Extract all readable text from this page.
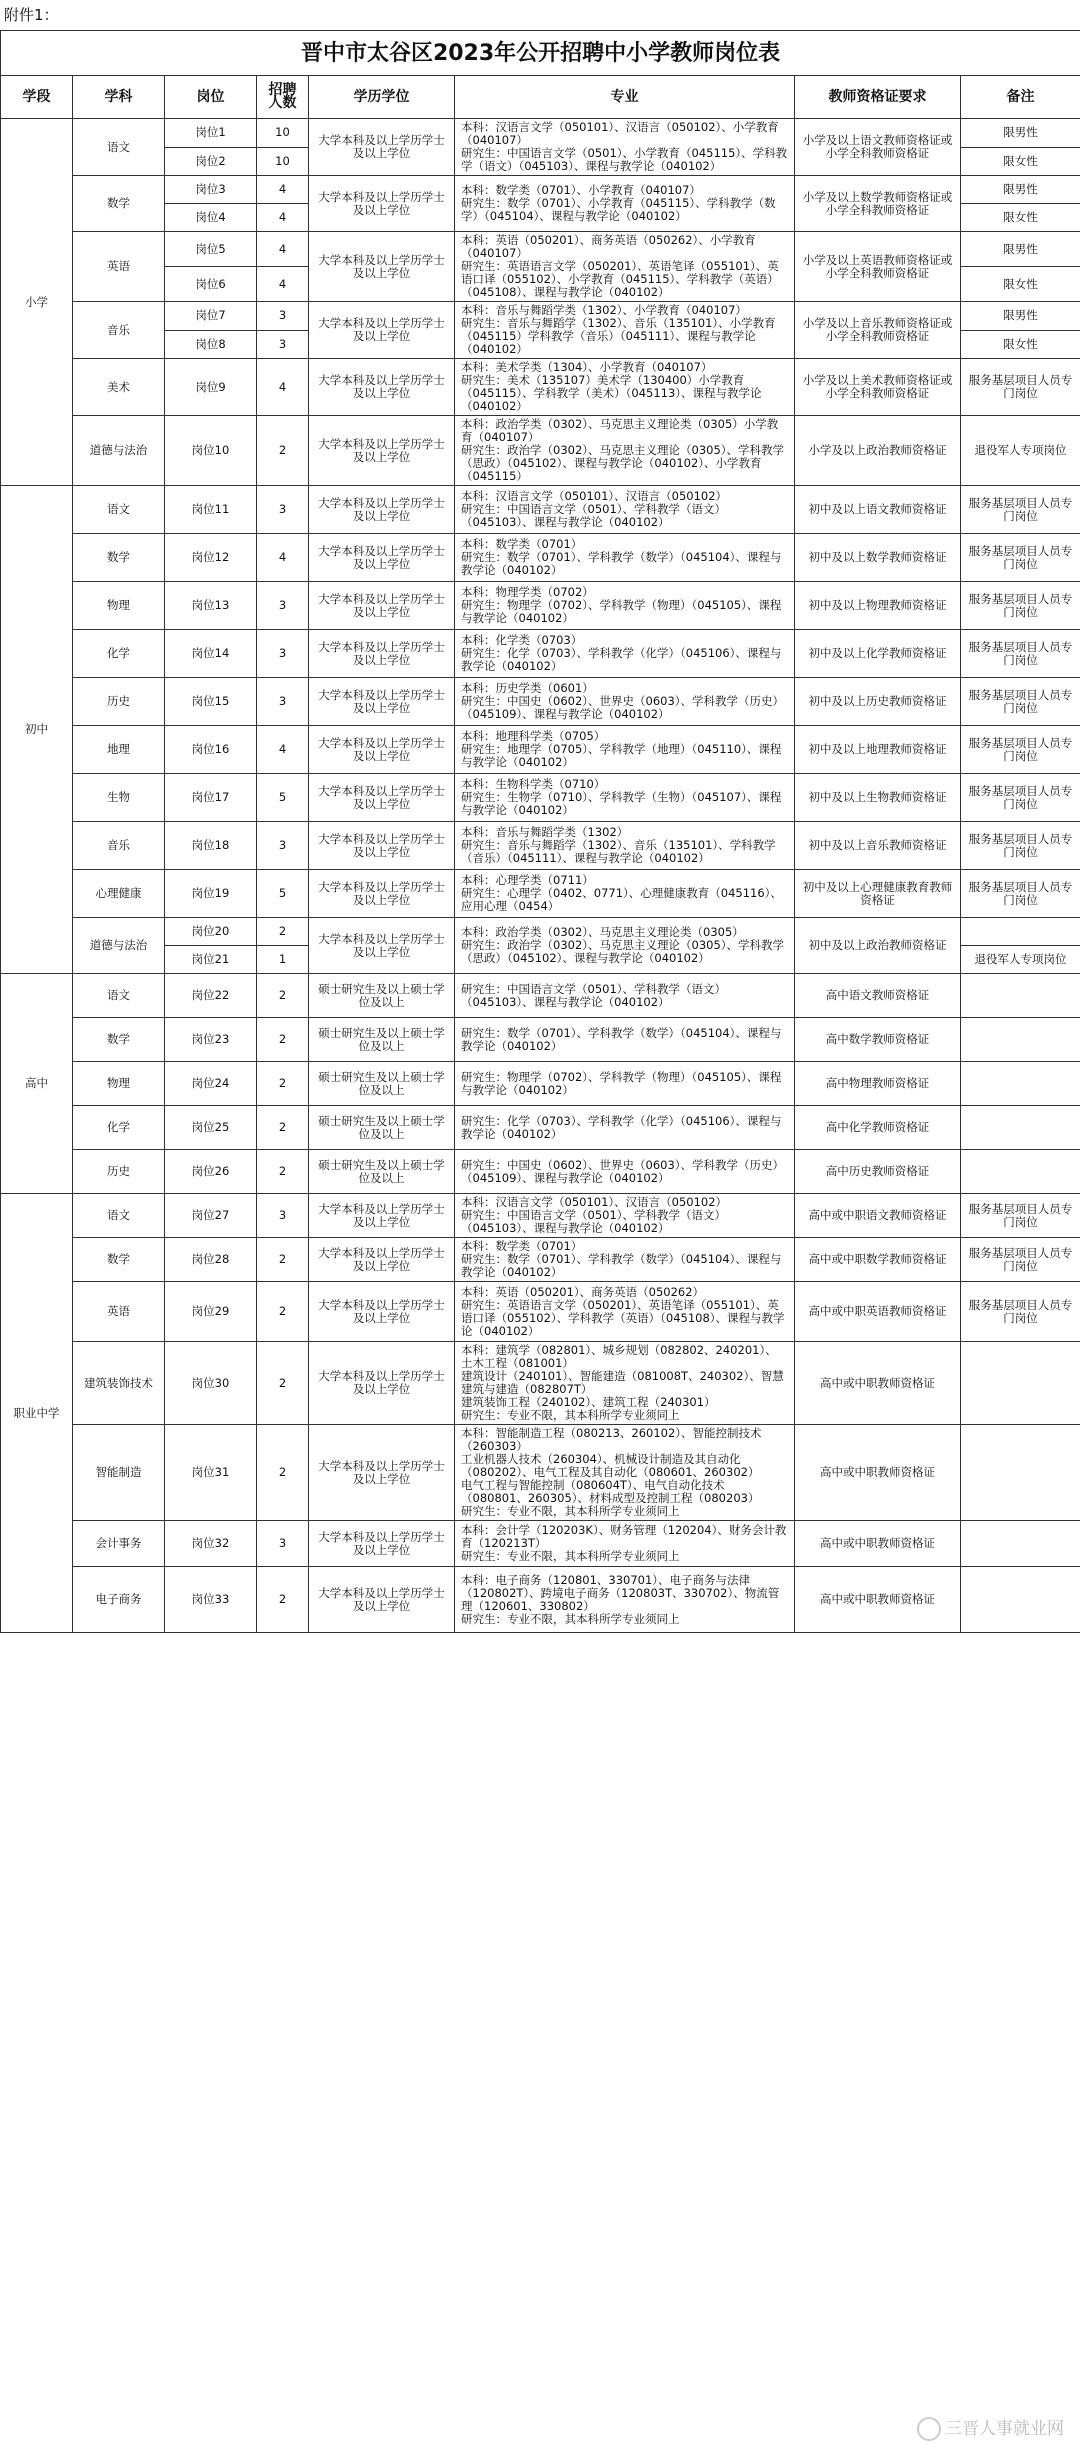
附件1：
晋中市太谷区2023年公开招聘中小学教师岗位表							
学段	学科	岗位	招聘人数	学历学位	专业	教师资格证要求	备注
小学	语文	岗位1	10	大学本科及以上学历学士及以上学位	本科：汉语言文学（050101）、汉语言（050102）、小学教育（040107）
研究生：中国语言文学（0501）、小学教育（045115）、学科教学（语文）（045103）、课程与教学论（040102）	小学及以上语文教师资格证或小学全科教师资格证	限男性
		岗位2	10				限女性
	数学	岗位3	4	大学本科及以上学历学士及以上学位	本科：数学类（0701）、小学教育（040107）
研究生：数学（0701）、小学教育（045115）、学科教学（数学）（045104）、课程与教学论（040102）	小学及以上数学教师资格证或小学全科教师资格证	限男性
		岗位4	4				限女性
	英语	岗位5	4	大学本科及以上学历学士及以上学位	本科：英语（050201）、商务英语（050262）、小学教育（040107）
研究生：英语语言文学（050201）、英语笔译（055101）、英语口译（055102）、小学教育（045115）、学科教学（英语）（045108）、课程与教学论（040102）	小学及以上英语教师资格证或小学全科教师资格证	限男性
		岗位6	4				限女性
	音乐	岗位7	3	大学本科及以上学历学士及以上学位	本科：音乐与舞蹈学类（1302）、小学教育（040107）
研究生：音乐与舞蹈学（1302）、音乐（135101）、小学教育（045115）学科教学（音乐）（045111）、课程与教学论（040102）	小学及以上音乐教师资格证或小学全科教师资格证	限男性
		岗位8	3				限女性
	美术	岗位9	4	大学本科及以上学历学士及以上学位	本科：美术学类（1304）、小学教育（040107）
研究生：美术（135107）美术学（130400）小学教育（045115）、学科教学（美术）（045113）、课程与教学论（040102）	小学及以上美术教师资格证或小学全科教师资格证	服务基层项目人员专门岗位
	道德与法治	岗位10	2	大学本科及以上学历学士及以上学位	本科：政治学类（0302）、马克思主义理论类（0305）小学教育（040107）
研究生：政治学（0302）、马克思主义理论（0305）、学科教学（思政）（045102）、课程与教学论（040102）、小学教育（045115）	小学及以上政治教师资格证	退役军人专项岗位
初中	语文	岗位11	3	大学本科及以上学历学士及以上学位	本科：汉语言文学（050101）、汉语言（050102）
研究生：中国语言文学（0501）、学科教学（语文）（045103）、课程与教学论（040102）	初中及以上语文教师资格证	服务基层项目人员专门岗位
	数学	岗位12	4	大学本科及以上学历学士及以上学位	本科：数学类（0701）
研究生：数学（0701）、学科教学（数学）（045104）、课程与教学论（040102）	初中及以上数学教师资格证	服务基层项目人员专门岗位
	物理	岗位13	3	大学本科及以上学历学士及以上学位	本科：物理学类（0702）
研究生：物理学（0702）、学科教学（物理）（045105）、课程与教学论（040102）	初中及以上物理教师资格证	服务基层项目人员专门岗位
	化学	岗位14	3	大学本科及以上学历学士及以上学位	本科：化学类（0703）
研究生：化学（0703）、学科教学（化学）（045106）、课程与教学论（040102）	初中及以上化学教师资格证	服务基层项目人员专门岗位
	历史	岗位15	3	大学本科及以上学历学士及以上学位	本科：历史学类（0601）
研究生：中国史（0602）、世界史（0603）、学科教学（历史）（045109）、课程与教学论（040102）	初中及以上历史教师资格证	服务基层项目人员专门岗位
	地理	岗位16	4	大学本科及以上学历学士及以上学位	本科：地理科学类（0705）
研究生：地理学（0705）、学科教学（地理）（045110）、课程与教学论（040102）	初中及以上地理教师资格证	服务基层项目人员专门岗位
	生物	岗位17	5	大学本科及以上学历学士及以上学位	本科：生物科学类（0710）
研究生：生物学（0710）、学科教学（生物）（045107）、课程与教学论（040102）	初中及以上生物教师资格证	服务基层项目人员专门岗位
	音乐	岗位18	3	大学本科及以上学历学士及以上学位	本科：音乐与舞蹈学类（1302）
研究生：音乐与舞蹈学（1302）、音乐（135101）、学科教学（音乐）（045111）、课程与教学论（040102）	初中及以上音乐教师资格证	服务基层项目人员专门岗位
	心理健康	岗位19	5	大学本科及以上学历学士及以上学位	本科：心理学类（0711）
研究生：心理学（0402、0771）、心理健康教育（045116）、应用心理（0454）	初中及以上心理健康教育教师资格证	服务基层项目人员专门岗位
	道德与法治	岗位20	2	大学本科及以上学历学士及以上学位	本科：政治学类（0302）、马克思主义理论类（0305）
研究生：政治学（0302）、马克思主义理论（0305）、学科教学（思政）（045102）、课程与教学论（040102）	初中及以上政治教师资格证	
		岗位21	1				退役军人专项岗位
高中	语文	岗位22	2	硕士研究生及以上硕士学位及以上	研究生：中国语言文学（0501）、学科教学（语文）（045103）、课程与教学论（040102）	高中语文教师资格证	
	数学	岗位23	2	硕士研究生及以上硕士学位及以上	研究生：数学（0701）、学科教学（数学）（045104）、课程与教学论（040102）	高中数学教师资格证	
	物理	岗位24	2	硕士研究生及以上硕士学位及以上	研究生：物理学（0702）、学科教学（物理）（045105）、课程与教学论（040102）	高中物理教师资格证	
	化学	岗位25	2	硕士研究生及以上硕士学位及以上	研究生：化学（0703）、学科教学（化学）（045106）、课程与教学论（040102）	高中化学教师资格证	
	历史	岗位26	2	硕士研究生及以上硕士学位及以上	研究生：中国史（0602）、世界史（0603）、学科教学（历史）（045109）、课程与教学论（040102）	高中历史教师资格证	
职业中学	语文	岗位27	3	大学本科及以上学历学士及以上学位	本科：汉语言文学（050101）、汉语言（050102）
研究生：中国语言文学（0501）、学科教学（语文）（045103）、课程与教学论（040102）	高中或中职语文教师资格证	服务基层项目人员专门岗位
	数学	岗位28	2	大学本科及以上学历学士及以上学位	本科：数学类（0701）
研究生：数学（0701）、学科教学（数学）（045104）、课程与教学论（040102）	高中或中职数学教师资格证	服务基层项目人员专门岗位
	英语	岗位29	2	大学本科及以上学历学士及以上学位	本科：英语（050201）、商务英语（050262）
研究生：英语语言文学（050201）、英语笔译（055101）、英语口译（055102）、学科教学（英语）（045108）、课程与教学论（040102）	高中或中职英语教师资格证	服务基层项目人员专门岗位
	建筑装饰技术	岗位30	2	大学本科及以上学历学士及以上学位	本科：建筑学（082801）、城乡规划（082802、240201）、土木工程（081001）
建筑设计（240101）、智能建造（081008T、240302）、智慧建筑与建造（082807T）
建筑装饰工程（240102）、建筑工程（240301）
研究生：专业不限，其本科所学专业须同上	高中或中职教师资格证	
	智能制造	岗位31	2	大学本科及以上学历学士及以上学位	本科：智能制造工程（080213、260102）、智能控制技术（260303）
工业机器人技术（260304）、机械设计制造及其自动化（080202）、电气工程及其自动化（080601、260302）
电气工程与智能控制（080604T）、电气自动化技术（080801、260305）、材料成型及控制工程（080203）
研究生：专业不限，其本科所学专业须同上	高中或中职教师资格证	
	会计事务	岗位32	3	大学本科及以上学历学士及以上学位	本科：会计学（120203K）、财务管理（120204）、财务会计教育（120213T）
研究生：专业不限，其本科所学专业须同上	高中或中职教师资格证	
	电子商务	岗位33	2	大学本科及以上学历学士及以上学位	本科：电子商务（120801、330701）、电子商务与法律（120802T）、跨境电子商务（120803T、330702）、物流管理（120601、330802）
研究生：专业不限，其本科所学专业须同上	高中或中职教师资格证	
三晋人事就业网
